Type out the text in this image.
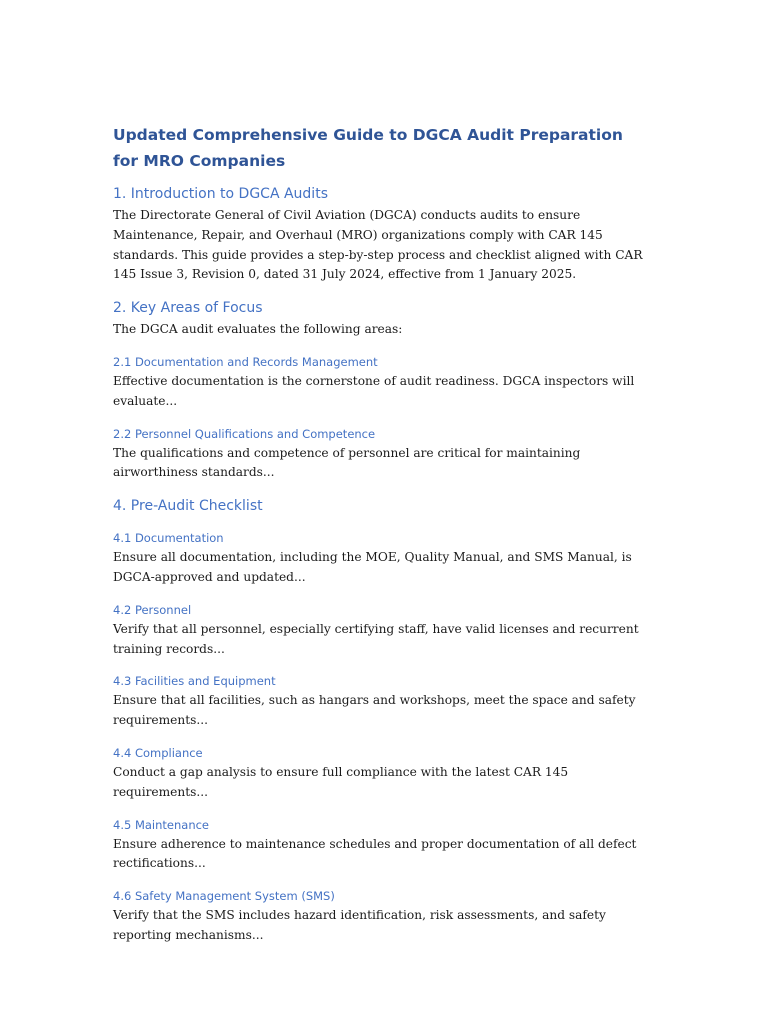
Updated Comprehensive Guide to DGCA Audit Preparation for MRO Companies
1. Introduction to DGCA Audits

The Directorate General of Civil Aviation (DGCA) conducts audits to ensure Maintenance, Repair, and Overhaul (MRO) organizations comply with CAR 145 standards. This guide provides a step-by-step process and checklist aligned with CAR 145 Issue 3, Revision 0, dated 31 July 2024, effective from 1 January 2025.

2. Key Areas of Focus

The DGCA audit evaluates the following areas:

2.1 Documentation and Records Management

Effective documentation is the cornerstone of audit readiness. DGCA inspectors will evaluate...

2.2 Personnel Qualifications and Competence

The qualifications and competence of personnel are critical for maintaining airworthiness standards...

4. Pre-Audit Checklist
4.1 Documentation

Ensure all documentation, including the MOE, Quality Manual, and SMS Manual, is DGCA-approved and updated...

4.2 Personnel

Verify that all personnel, especially certifying staff, have valid licenses and recurrent training records...

4.3 Facilities and Equipment

Ensure that all facilities, such as hangars and workshops, meet the space and safety requirements...

4.4 Compliance

Conduct a gap analysis to ensure full compliance with the latest CAR 145 requirements...

4.5 Maintenance

Ensure adherence to maintenance schedules and proper documentation of all defect rectifications...

4.6 Safety Management System (SMS)

Verify that the SMS includes hazard identification, risk assessments, and safety reporting mechanisms...
